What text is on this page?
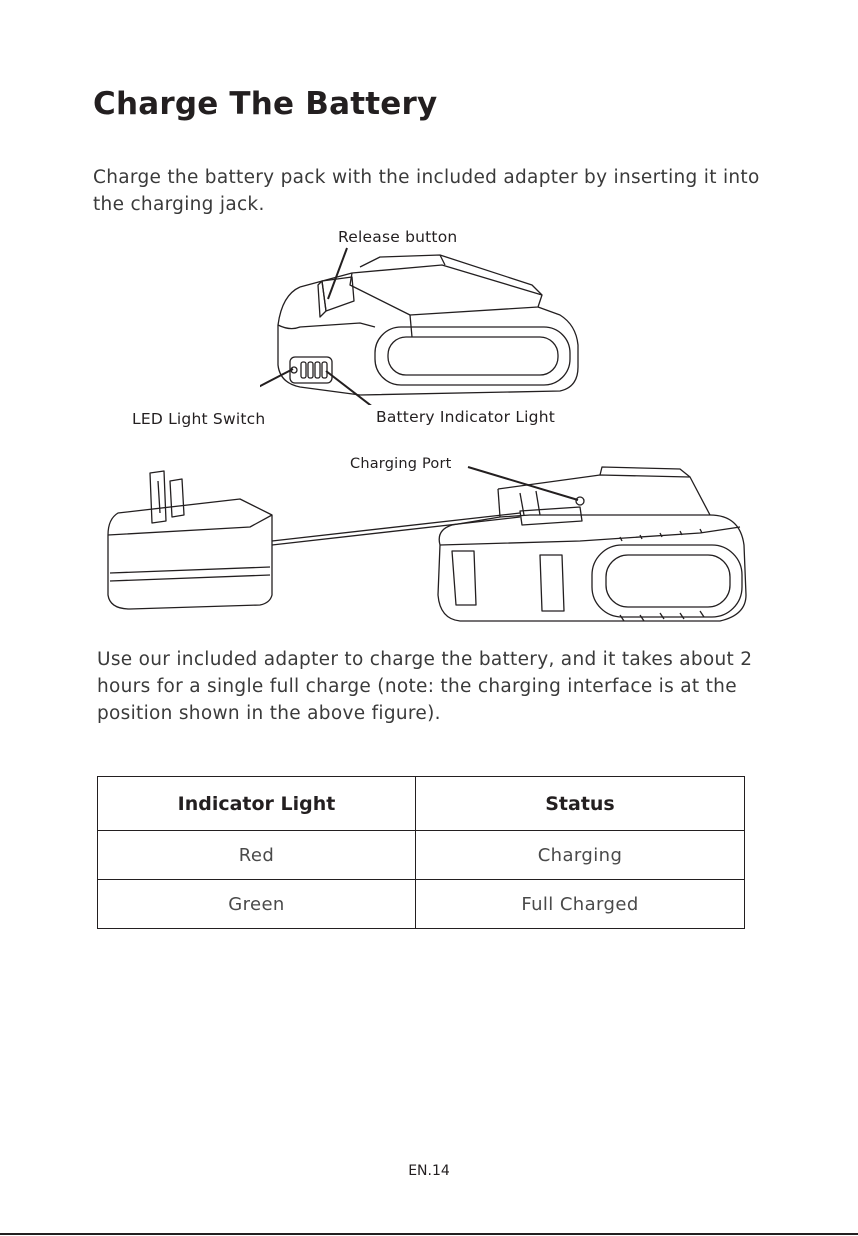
Charge The Battery

Charge the battery pack with the included adapter by inserting it into the charging jack.

Release button
LED Light Switch	Battery Indicator Light
Charging Port

Use our included adapter to charge the battery, and it takes about 2 hours for a single full charge (note: the charging interface is at the position shown in the above figure).

Indicator Light	Status
Red	Charging
Green	Full Charged
EN.14
